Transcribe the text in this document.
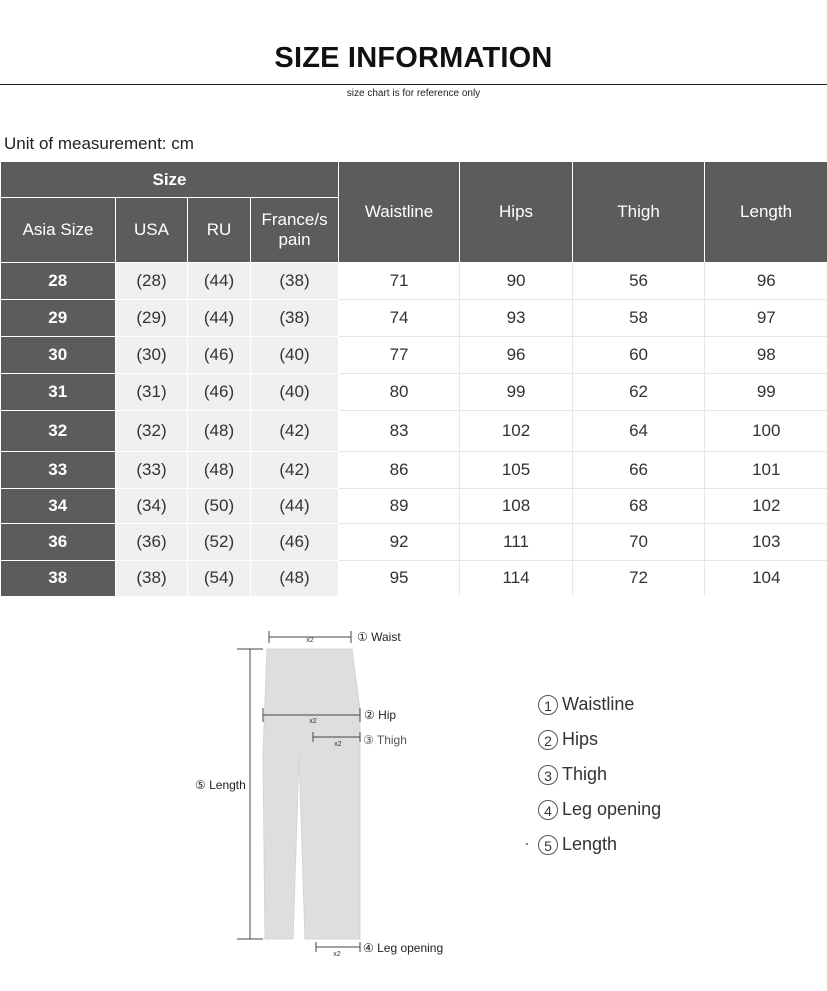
SIZE INFORMATION
size chart is for reference only
Unit of measurement: cm
Size				Waistline	Hips	Thigh	Length
Asia Size	USA	RU	France/s pain				
28	(28)	(44)	(38)	71	90	56	96
29	(29)	(44)	(38)	74	93	58	97
30	(30)	(46)	(40)	77	96	60	98
31	(31)	(46)	(40)	80	99	62	99
32	(32)	(48)	(42)	83	102	64	100
33	(33)	(48)	(42)	86	105	66	101
34	(34)	(50)	(44)	89	108	68	102
36	(36)	(52)	(46)	92	111	70	103
38	(38)	(54)	(48)	95	114	72	104
x2	① Waist
x2	② Hip
x2 ③ Thigh
⑤ Length
x2 ④ Leg opening
1 Waistline
2 Hips
3 Thigh
4 Leg opening
5 Length
